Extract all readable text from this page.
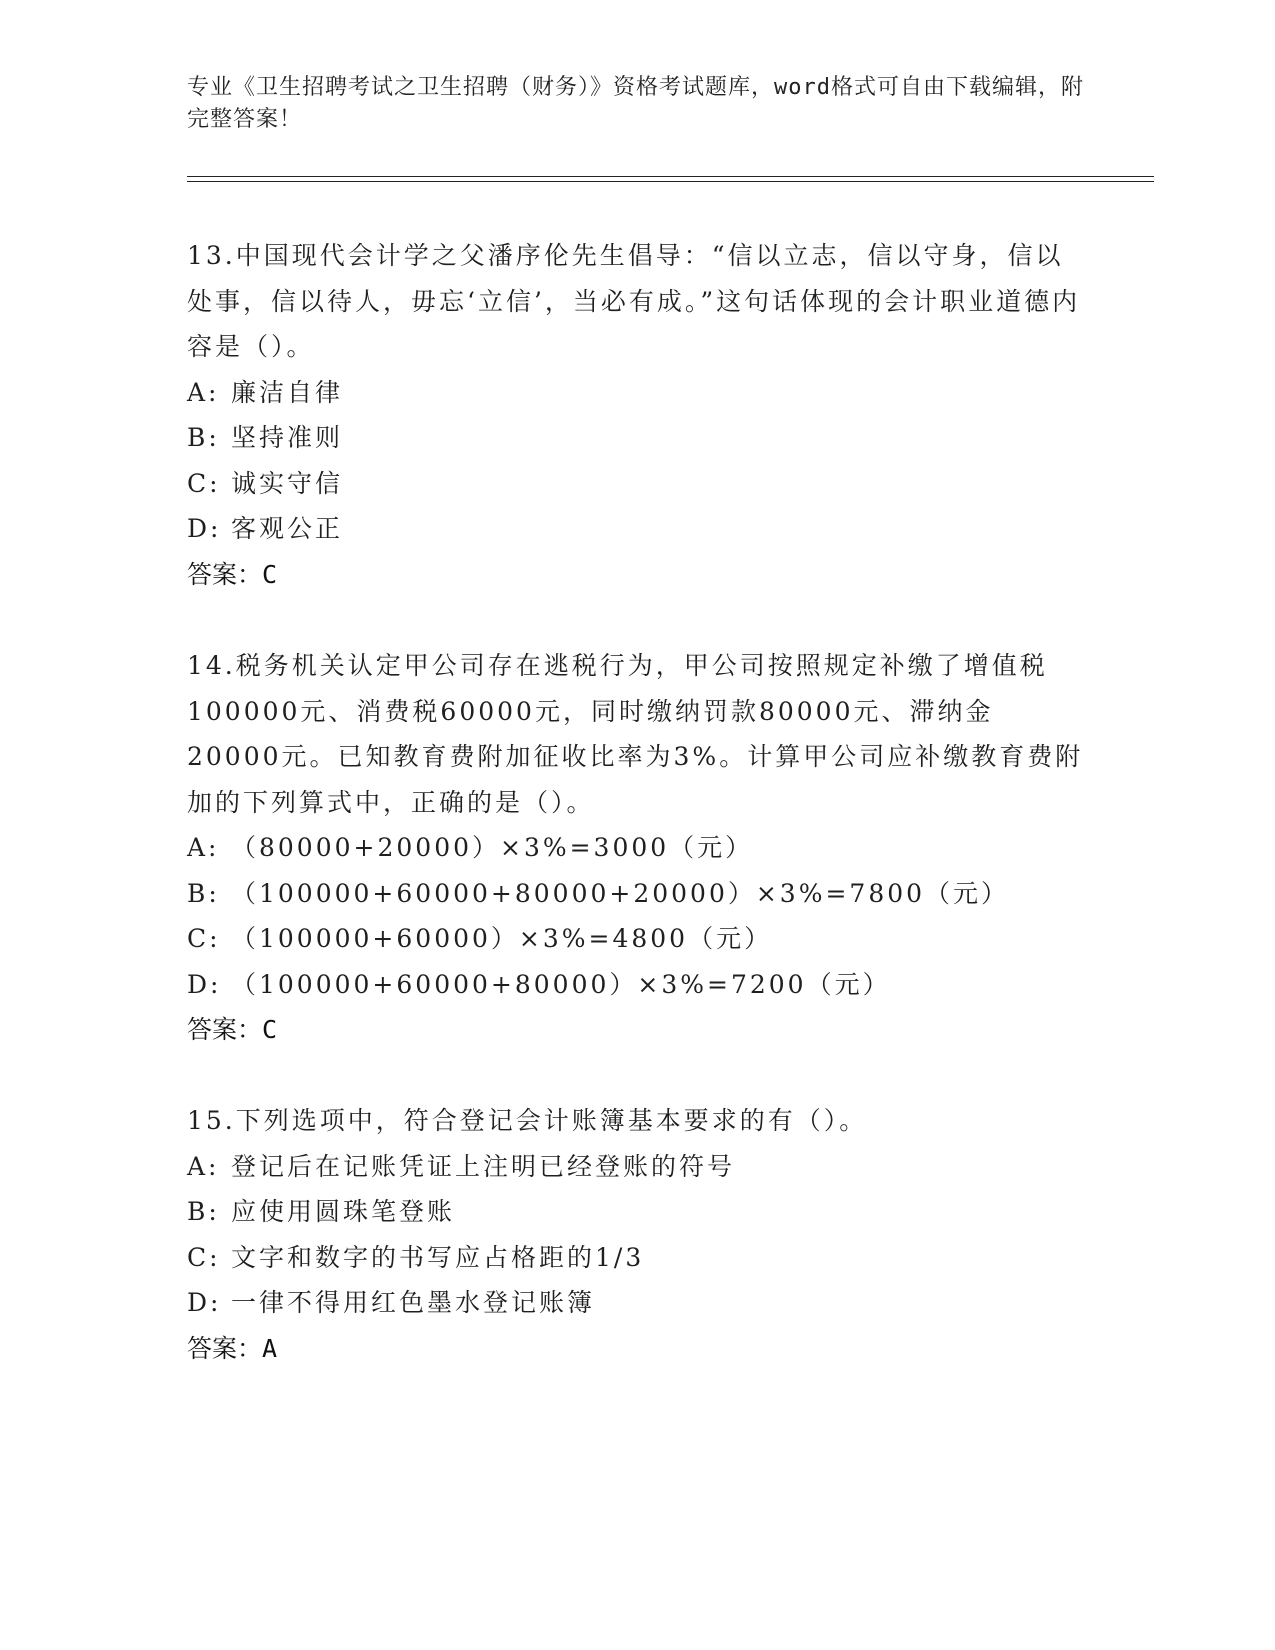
专业《卫生招聘考试之卫生招聘（财务）》资格考试题库，word格式可自由下载编辑，附完整答案！

13.中国现代会计学之父潘序伦先生倡导：“信以立志，信以守身，信以处事，信以待人，毋忘‘立信’，当必有成。”这句话体现的会计职业道德内容是（）。

A: 廉洁自律

B: 坚持准则

C: 诚实守信

D: 客观公正

答案：C

14.税务机关认定甲公司存在逃税行为，甲公司按照规定补缴了增值税100000元、消费税60000元，同时缴纳罚款80000元、滞纳金20000元。已知教育费附加征收比率为3%。计算甲公司应补缴教育费附加的下列算式中，正确的是（）。

A: （80000+20000）×3%=3000（元）

B: （100000+60000+80000+20000）×3%=7800（元）

C: （100000+60000）×3%=4800（元）

D: （100000+60000+80000）×3%=7200（元）

答案：C

15.下列选项中，符合登记会计账簿基本要求的有（）。

A: 登记后在记账凭证上注明已经登账的符号

B: 应使用圆珠笔登账

C: 文字和数字的书写应占格距的1/3

D: 一律不得用红色墨水登记账簿

答案：A
